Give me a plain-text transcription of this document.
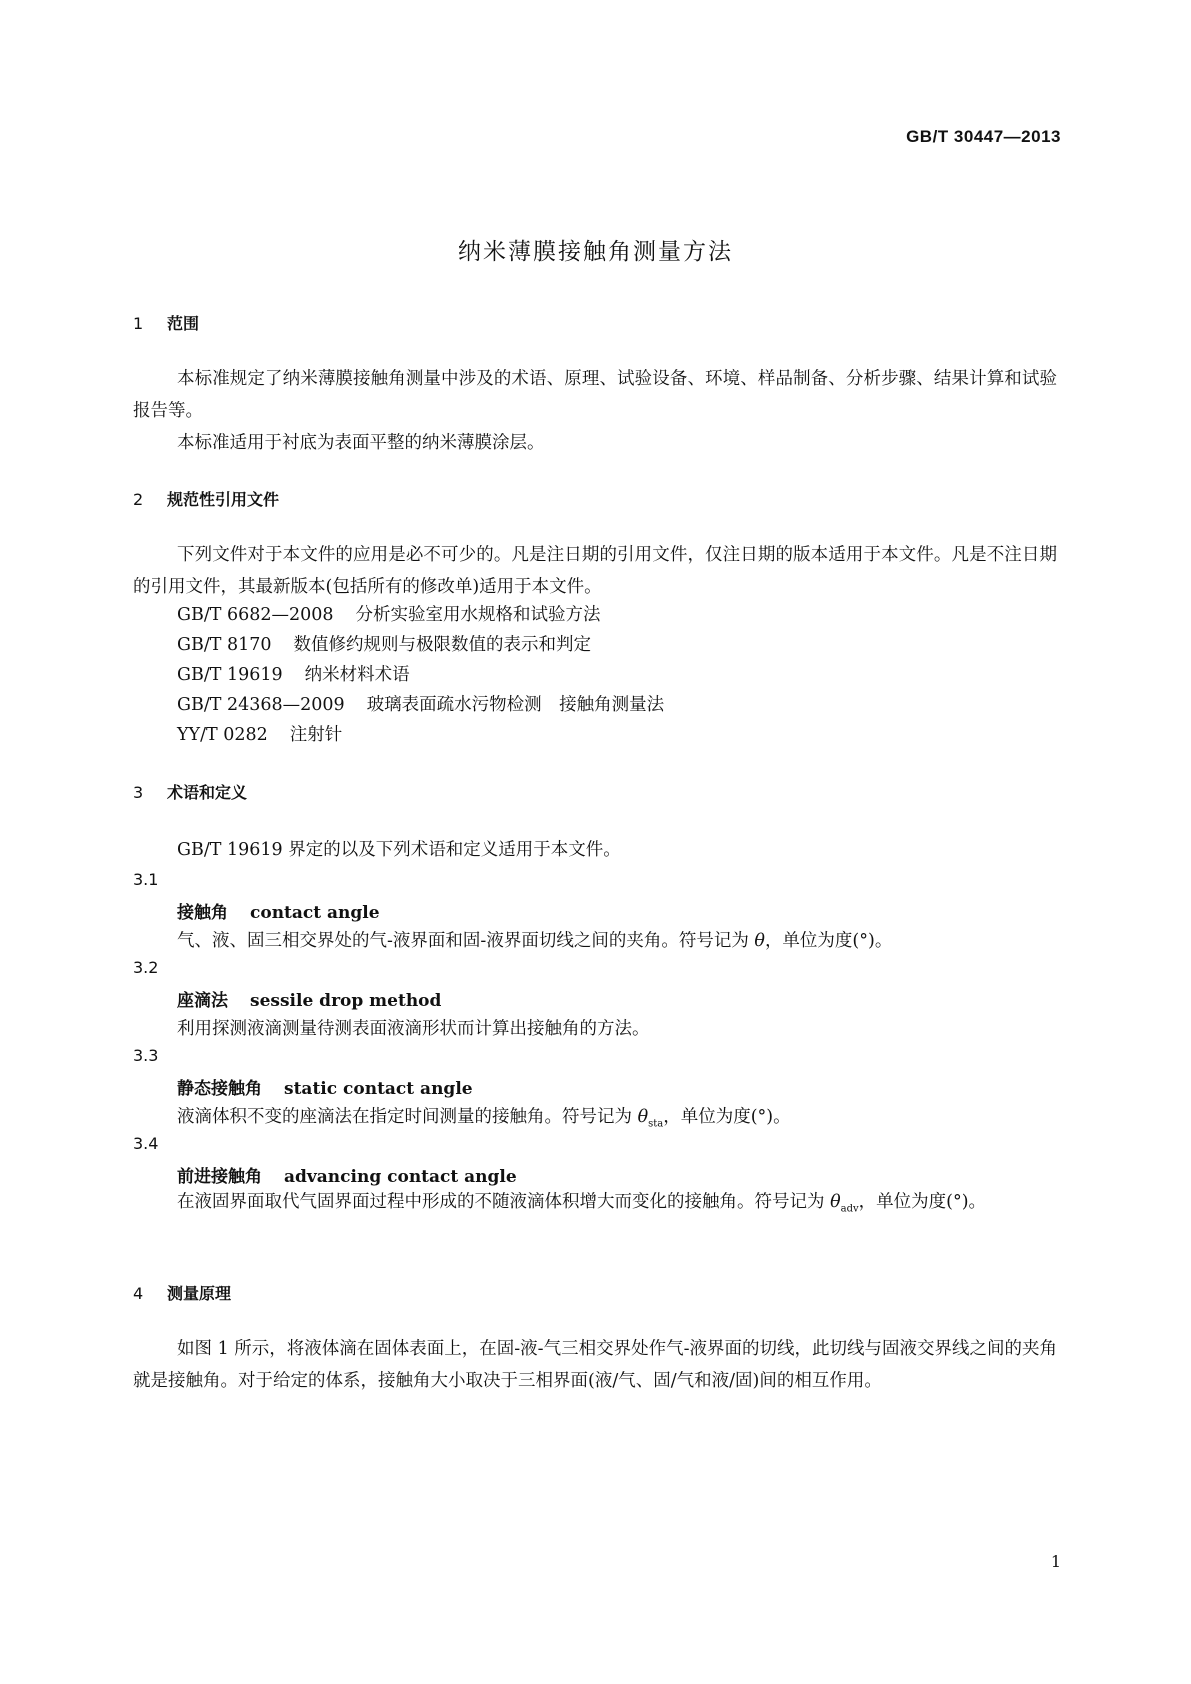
GB/T 30447—2013
纳米薄膜接触角测量方法
1 范围
本标准规定了纳米薄膜接触角测量中涉及的术语、原理、试验设备、环境、样品制备、分析步骤、结果计算和试验报告等。
本标准适用于衬底为表面平整的纳米薄膜涂层。
2 规范性引用文件
下列文件对于本文件的应用是必不可少的。凡是注日期的引用文件，仅注日期的版本适用于本文件。凡是不注日期的引用文件，其最新版本(包括所有的修改单)适用于本文件。
GB/T 6682—2008 分析实验室用水规格和试验方法
GB/T 8170 数值修约规则与极限数值的表示和判定
GB/T 19619 纳米材料术语
GB/T 24368—2009 玻璃表面疏水污物检测　接触角测量法
YY/T 0282 注射针
3 术语和定义
GB/T 19619 界定的以及下列术语和定义适用于本文件。
3.1
接触角 contact angle
气、液、固三相交界处的气-液界面和固-液界面切线之间的夹角。符号记为 θ，单位为度(°)。
3.2
座滴法 sessile drop method
利用探测液滴测量待测表面液滴形状而计算出接触角的方法。
3.3
静态接触角 static contact angle
液滴体积不变的座滴法在指定时间测量的接触角。符号记为 $\theta_{sta}$，单位为度(°)。
3.4
前进接触角 advancing contact angle
在液固界面取代气固界面过程中形成的不随液滴体积增大而变化的接触角。符号记为 $\theta_{adv}$，单位为度(°)。
4 测量原理
如图 1 所示，将液体滴在固体表面上，在固-液-气三相交界处作气-液界面的切线，此切线与固液交界线之间的夹角就是接触角。对于给定的体系，接触角大小取决于三相界面(液/气、固/气和液/固)间的相互作用。
1
